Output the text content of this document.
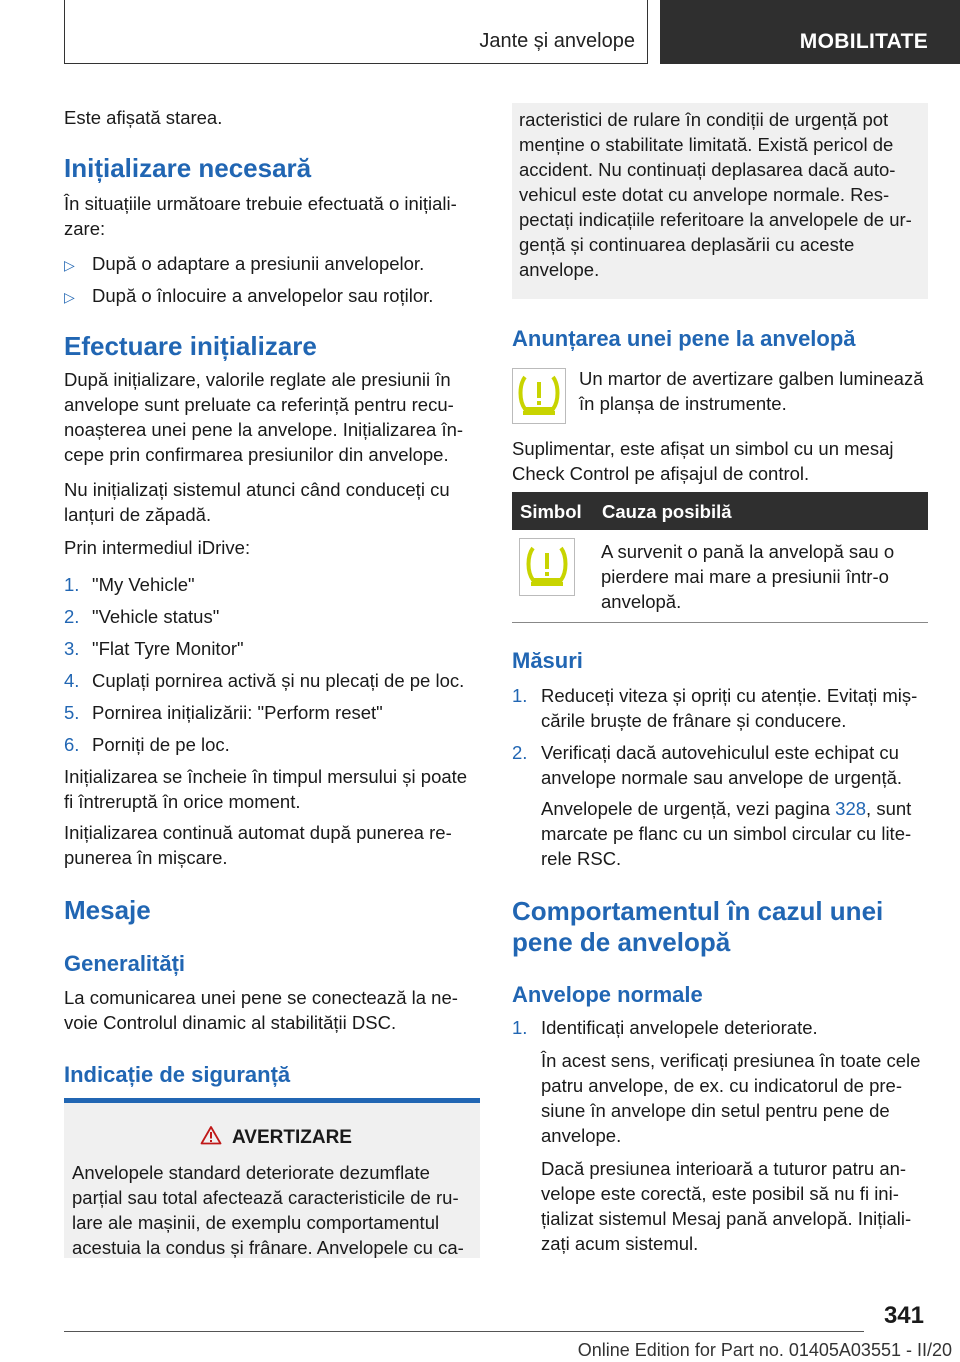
Jante și anvelope	MOBILITATE

Este afișată starea.

Inițializare necesară

În situațiile următoare trebuie efectuată o inițiali-

zare:

▷ După o adaptare a presiunii anvelopelor.
▷ După o înlocuire a anvelopelor sau roților.
Efectuare inițializare

După inițializare, valorile reglate ale presiunii în

anvelope sunt preluate ca referință pentru recu-

noașterea unei pene la anvelope. Inițializarea în-

cepe prin confirmarea presiunilor din anvelope.

Nu inițializați sistemul atunci când conduceți cu

lanțuri de zăpadă.

Prin intermediul iDrive:

1. "My Vehicle"
2. "Vehicle status"
3. "Flat Tyre Monitor"
4. Cuplați pornirea activă și nu plecați de pe loc.
5. Pornirea inițializării: "Perform reset"
6. Porniți de pe loc.

Inițializarea se încheie în timpul mersului și poate

fi întreruptă în orice moment.

Inițializarea continuă automat după punerea re-

punerea în mișcare.

Mesaje
Generalități

La comunicarea unei pene se conectează la ne-

voie Controlul dinamic al stabilității DSC.

Indicație de siguranță
AVERTIZARE

Anvelopele standard deteriorate dezumflate

parțial sau total afectează caracteristicile de ru-

lare ale mașinii, de exemplu comportamentul

acestuia la condus și frânare. Anvelopele cu ca-

racteristici de rulare în condiții de urgență pot

menține o stabilitate limitată. Există pericol de

accident. Nu continuați deplasarea dacă auto-

vehicul este dotat cu anvelope normale. Res-

pectați indicațiile referitoare la anvelopele de ur-

gență și continuarea deplasării cu aceste

anvelope.

Anunțarea unei pene la anvelopă

Un martor de avertizare galben luminează

în planșa de instrumente.

Suplimentar, este afișat un simbol cu un mesaj

Check Control pe afișajul de control.

Simbol Cauza posibilă

A survenit o pană la anvelopă sau o

pierdere mai mare a presiunii într-o

anvelopă.

Măsuri
1. Reduceți viteza și opriți cu atenție. Evitați miș-

cările bruște de frânare și conducere.

2. Verificați dacă autovehiculul este echipat cu

anvelope normale sau anvelope de urgență.

Anvelopele de urgență, vezi pagina 328, sunt

marcate pe flanc cu un simbol circular cu lite-

rele RSC.

Comportamentul în cazul unei
pene de anvelopă
Anvelope normale
1. Identificați anvelopele deteriorate.

În acest sens, verificați presiunea în toate cele

patru anvelope, de ex. cu indicatorul de pre-

siune în anvelope din setul pentru pene de

anvelope.

Dacă presiunea interioară a tuturor patru an-

velope este corectă, este posibil să nu fi ini-

țializat sistemul Mesaj pană anvelopă. Inițiali-

zați acum sistemul.

341
Online Edition for Part no. 01405A03551 - II/20
